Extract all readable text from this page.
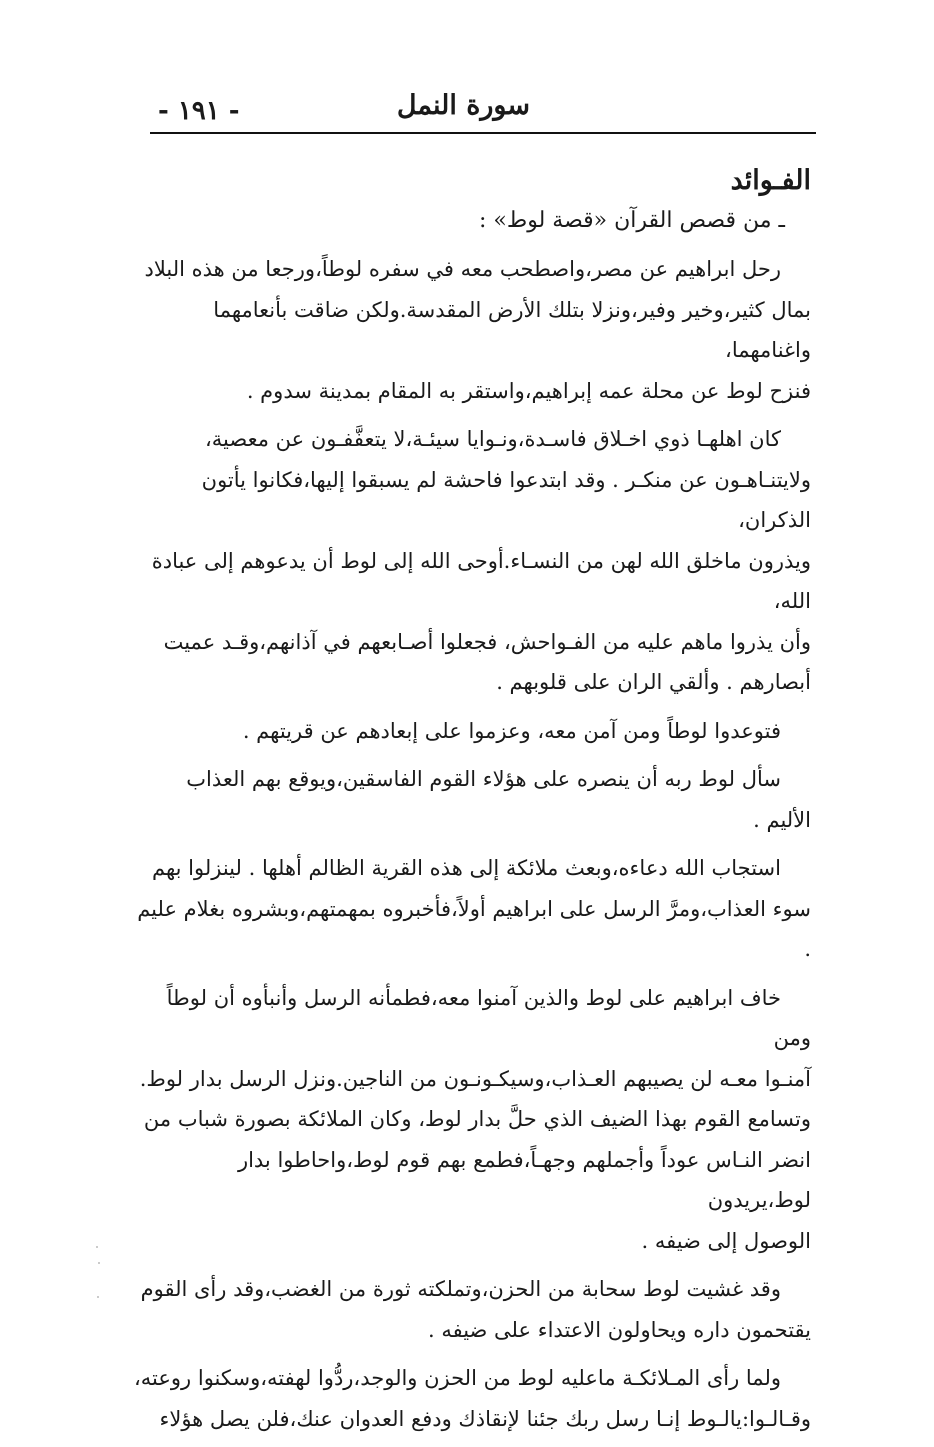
سورة النمل
- ١٩١ -
الفـوائد
ـ من قصص القرآن «قصة لوط» :

رحل ابراهيم عن مصر،واصطحب معه في سفره لوطاً،ورجعا من هذه البلاد
بمال كثير،وخير وفير،ونزلا بتلك الأرض المقدسة.ولكن ضاقت بأنعامهما واغنامهما،
فنزح لوط عن محلة عمه إبراهيم،واستقر به المقام بمدينة سدوم .

كان اهلهـا ذوي اخـلاق فاسـدة،ونـوايا سيئـة،لا يتعفَّفـون عن معصية،
ولايتنـاهـون عن منكـر . وقد ابتدعوا فاحشة لم يسبقوا إليها،فكانوا يأتون الذكران،
ويذرون ماخلق الله لهن من النسـاء.أوحى الله إلى لوط أن يدعوهم إلى عبادة الله،
وأن يذروا ماهم عليه من الفـواحش، فجعلوا أصـابعهم في آذانهم،وقـد عميت
أبصارهم . وألقي الران على قلوبهم .

فتوعدوا لوطاً ومن آمن معه، وعزموا على إبعادهم عن قريتهم .

سأل لوط ربه أن ينصره على هؤلاء القوم الفاسقين،ويوقع بهم العذاب
الأليم .

استجاب الله دعاءه،وبعث ملائكة إلى هذه القرية الظالم أهلها . لينزلوا بهم
سوء العذاب،ومرَّ الرسل على ابراهيم أولاً،فأخبروه بمهمتهم،وبشروه بغلام عليم .

خاف ابراهيم على لوط والذين آمنوا معه،فطمأنه الرسل وأنبأوه أن لوطاً ومن
آمنـوا معـه لن يصيبهم العـذاب،وسيكـونـون من الناجين.ونزل الرسل بدار لوط.
وتسامع القوم بهذا الضيف الذي حلَّ بدار لوط، وكان الملائكة بصورة شباب من
انضر النـاس عوداً وأجملهم وجهـاً،فطمع بهم قوم لوط،واحاطوا بدار لوط،يريدون
الوصول إلى ضيفه .

وقد غشيت لوط سحابة من الحزن،وتملكته ثورة من الغضب،وقد رأى القوم
يقتحمون داره ويحاولون الاعتداء على ضيفه .

ولما رأى المـلائكـة ماعليه لوط من الحزن والوجد،ردُّوا لهفته،وسكنوا روعته،
وقـالـوا:يالـوط إنـا رسل ربك جئنا لإنقاذك ودفع العدوان عنك،فلن يصل هؤلاء
